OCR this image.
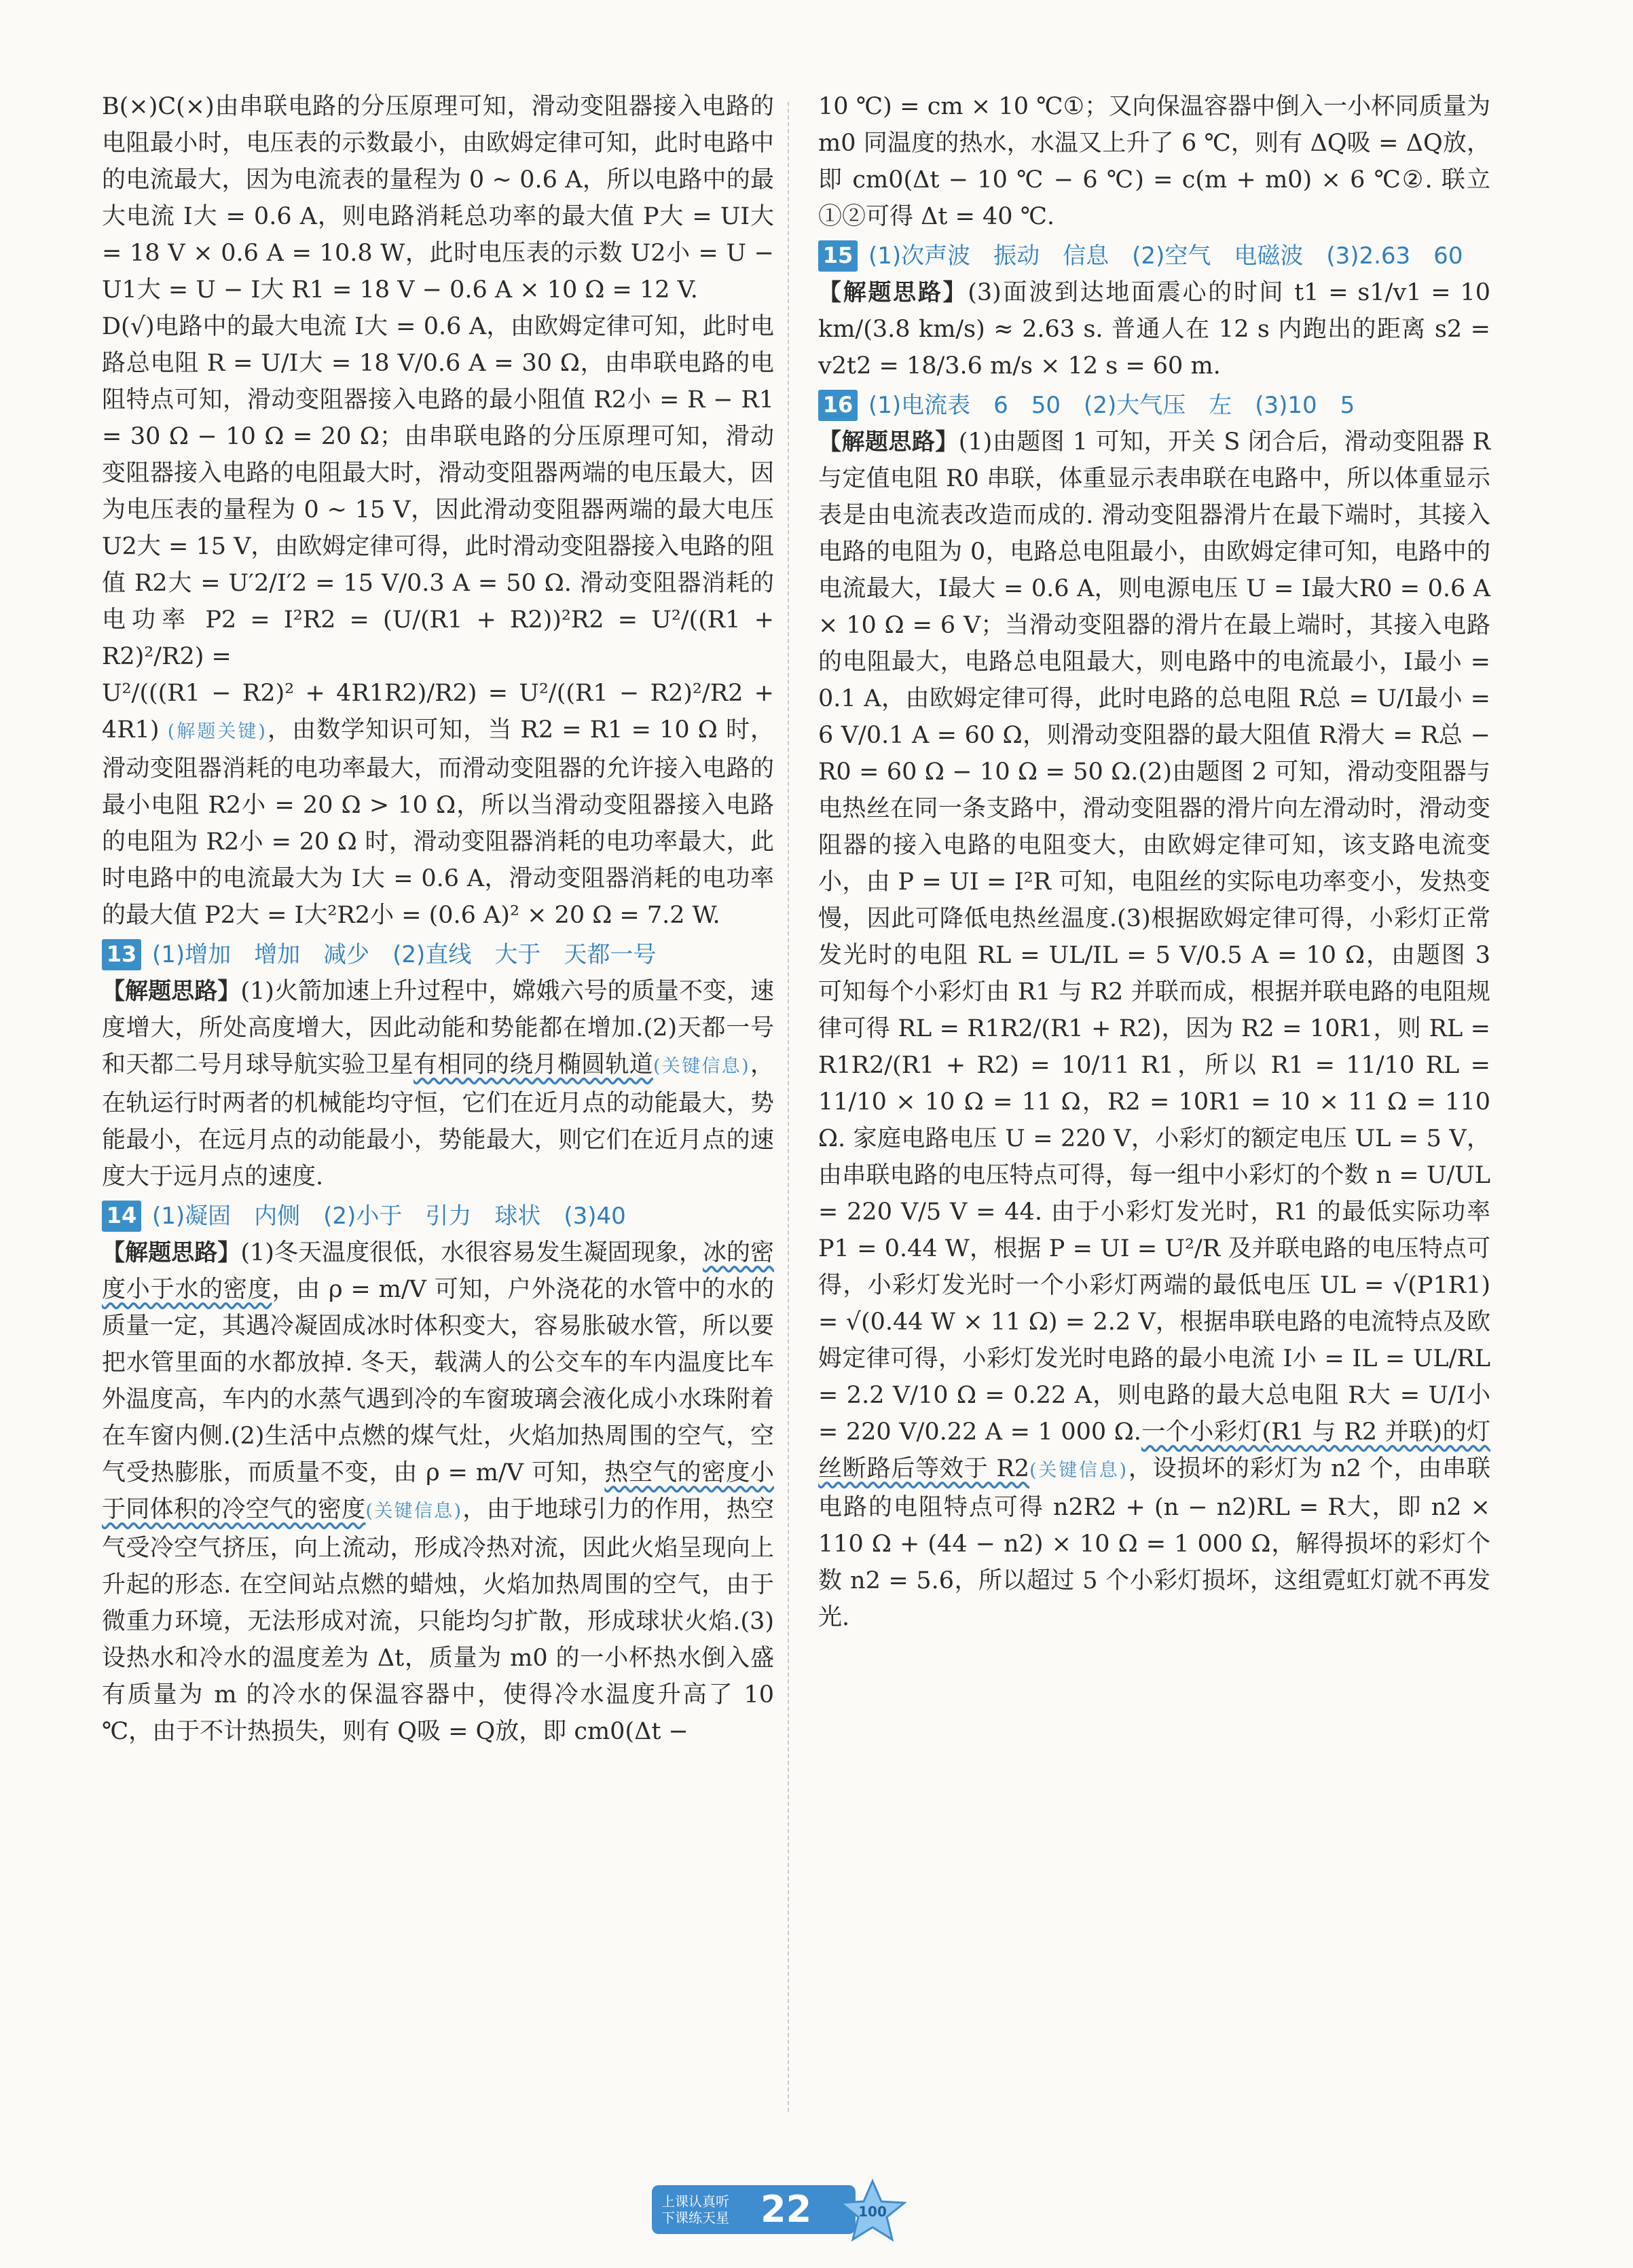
B(×)C(×)由串联电路的分压原理可知，滑动变阻器接入电路的电阻最小时，电压表的示数最小，由欧姆定律可知，此时电路中的电流最大，因为电流表的量程为 0 ~ 0.6 A，所以电路中的最大电流 I大 = 0.6 A，则电路消耗总功率的最大值 P大 = UI大 = 18 V × 0.6 A = 10.8 W，此时电压表的示数 U2小 = U − U1大 = U − I大 R1 = 18 V − 0.6 A × 10 Ω = 12 V.

D(√)电路中的最大电流 I大 = 0.6 A，由欧姆定律可知，此时电路总电阻 R = U/I大 = 18 V/0.6 A = 30 Ω，由串联电路的电阻特点可知，滑动变阻器接入电路的最小阻值 R2小 = R − R1 = 30 Ω − 10 Ω = 20 Ω；由串联电路的分压原理可知，滑动变阻器接入电路的电阻最大时，滑动变阻器两端的电压最大，因为电压表的量程为 0 ~ 15 V，因此滑动变阻器两端的最大电压 U2大 = 15 V，由欧姆定律可得，此时滑动变阻器接入电路的阻值 R2大 = U′2/I′2 = 15 V/0.3 A = 50 Ω. 滑动变阻器消耗的电功率 P2 = I²R2 = (U/(R1 + R2))²R2 = U²/((R1 + R2)²/R2) =

U²/(((R1 − R2)² + 4R1R2)/R2) = U²/((R1 − R2)²/R2 + 4R1) (解题关键)，由数学知识可知，当 R2 = R1 = 10 Ω 时，滑动变阻器消耗的电功率最大，而滑动变阻器的允许接入电路的最小电阻 R2小 = 20 Ω > 10 Ω，所以当滑动变阻器接入电路的电阻为 R2小 = 20 Ω 时，滑动变阻器消耗的电功率最大，此时电路中的电流最大为 I大 = 0.6 A，滑动变阻器消耗的电功率的最大值 P2大 = I大²R2小 = (0.6 A)² × 20 Ω = 7.2 W.

13 (1)增加　增加　减少　(2)直线　大于　天都一号

【解题思路】(1)火箭加速上升过程中，嫦娥六号的质量不变，速度增大，所处高度增大，因此动能和势能都在增加.(2)天都一号和天都二号月球导航实验卫星有相同的绕月椭圆轨道(关键信息)，在轨运行时两者的机械能均守恒，它们在近月点的动能最大，势能最小，在远月点的动能最小，势能最大，则它们在近月点的速度大于远月点的速度.

14 (1)凝固　内侧　(2)小于　引力　球状　(3)40

【解题思路】(1)冬天温度很低，水很容易发生凝固现象，冰的密度小于水的密度，由 ρ = m/V 可知，户外浇花的水管中的水的质量一定，其遇冷凝固成冰时体积变大，容易胀破水管，所以要把水管里面的水都放掉. 冬天，载满人的公交车的车内温度比车外温度高，车内的水蒸气遇到冷的车窗玻璃会液化成小水珠附着在车窗内侧.(2)生活中点燃的煤气灶，火焰加热周围的空气，空气受热膨胀，而质量不变，由 ρ = m/V 可知，热空气的密度小于同体积的冷空气的密度(关键信息)，由于地球引力的作用，热空气受冷空气挤压，向上流动，形成冷热对流，因此火焰呈现向上升起的形态. 在空间站点燃的蜡烛，火焰加热周围的空气，由于微重力环境，无法形成对流，只能均匀扩散，形成球状火焰.(3)设热水和冷水的温度差为 Δt，质量为 m0 的一小杯热水倒入盛有质量为 m 的冷水的保温容器中，使得冷水温度升高了 10 ℃，由于不计热损失，则有 Q吸 = Q放，即 cm0(Δt −

10 ℃) = cm × 10 ℃①；又向保温容器中倒入一小杯同质量为 m0 同温度的热水，水温又上升了 6 ℃，则有 ΔQ吸 = ΔQ放，即 cm0(Δt − 10 ℃ − 6 ℃) = c(m + m0) × 6 ℃②. 联立①②可得 Δt = 40 ℃.

15 (1)次声波　振动　信息　(2)空气　电磁波　(3)2.63　60

【解题思路】(3)面波到达地面震心的时间 t1 = s1/v1 = 10 km/(3.8 km/s) ≈ 2.63 s. 普通人在 12 s 内跑出的距离 s2 = v2t2 = 18/3.6 m/s × 12 s = 60 m.

16 (1)电流表　6　50　(2)大气压　左　(3)10　5

【解题思路】(1)由题图 1 可知，开关 S 闭合后，滑动变阻器 R 与定值电阻 R0 串联，体重显示表串联在电路中，所以体重显示表是由电流表改造而成的. 滑动变阻器滑片在最下端时，其接入电路的电阻为 0，电路总电阻最小，由欧姆定律可知，电路中的电流最大，I最大 = 0.6 A，则电源电压 U = I最大R0 = 0.6 A × 10 Ω = 6 V；当滑动变阻器的滑片在最上端时，其接入电路的电阻最大，电路总电阻最大，则电路中的电流最小，I最小 = 0.1 A，由欧姆定律可得，此时电路的总电阻 R总 = U/I最小 = 6 V/0.1 A = 60 Ω，则滑动变阻器的最大阻值 R滑大 = R总 − R0 = 60 Ω − 10 Ω = 50 Ω.(2)由题图 2 可知，滑动变阻器与电热丝在同一条支路中，滑动变阻器的滑片向左滑动时，滑动变阻器的接入电路的电阻变大，由欧姆定律可知，该支路电流变小，由 P = UI = I²R 可知，电阻丝的实际电功率变小，发热变慢，因此可降低电热丝温度.(3)根据欧姆定律可得，小彩灯正常发光时的电阻 RL = UL/IL = 5 V/0.5 A = 10 Ω，由题图 3 可知每个小彩灯由 R1 与 R2 并联而成，根据并联电路的电阻规律可得 RL = R1R2/(R1 + R2)，因为 R2 = 10R1，则 RL = R1R2/(R1 + R2) = 10/11 R1，所以 R1 = 11/10 RL = 11/10 × 10 Ω = 11 Ω，R2 = 10R1 = 10 × 11 Ω = 110 Ω. 家庭电路电压 U = 220 V，小彩灯的额定电压 UL = 5 V，由串联电路的电压特点可得，每一组中小彩灯的个数 n = U/UL = 220 V/5 V = 44. 由于小彩灯发光时，R1 的最低实际功率 P1 = 0.44 W，根据 P = UI = U²/R 及并联电路的电压特点可得，小彩灯发光时一个小彩灯两端的最低电压 UL = √(P1R1) = √(0.44 W × 11 Ω) = 2.2 V，根据串联电路的电流特点及欧姆定律可得，小彩灯发光时电路的最小电流 I小 = IL = UL/RL = 2.2 V/10 Ω = 0.22 A，则电路的最大总电阻 R大 = U/I小 = 220 V/0.22 A = 1 000 Ω.一个小彩灯(R1 与 R2 并联)的灯丝断路后等效于 R2(关键信息)，设损坏的彩灯为 n2 个，由串联电路的电阻特点可得 n2R2 + (n − n2)RL = R大，即 n2 × 110 Ω + (44 − n2) × 10 Ω = 1 000 Ω，解得损坏的彩灯个数 n2 = 5.6，所以超过 5 个小彩灯损坏，这组霓虹灯就不再发光.

上课认真听
下课练天星 22	100
